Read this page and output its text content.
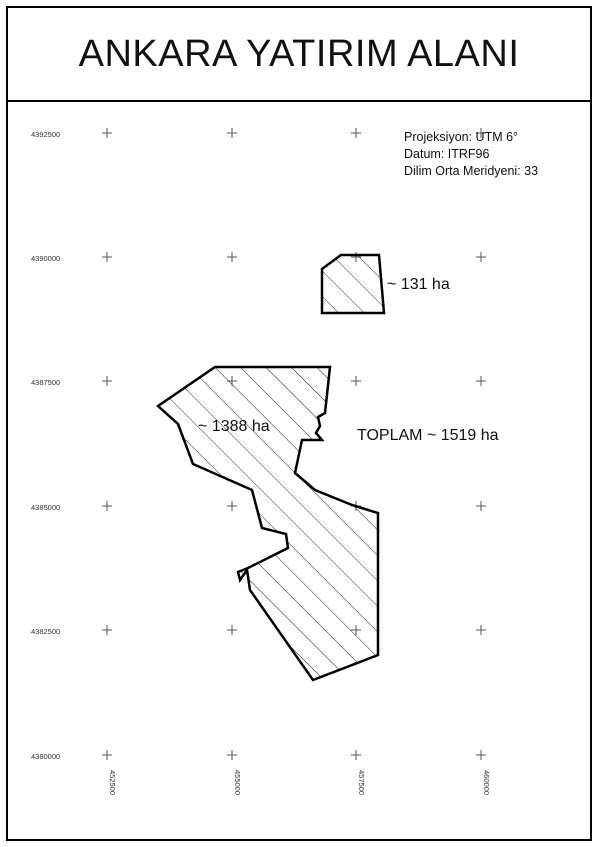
ANKARA YATIRIM ALANI
4392500
4390000
4387500
4385000
4382500
4380000
452500	455000	457500	460000
Projeksiyon: UTM 6°
Datum: ITRF96
Dilim Orta Meridyeni: 33
~ 131 ha
~ 1388 ha
TOPLAM ~ 1519 ha
